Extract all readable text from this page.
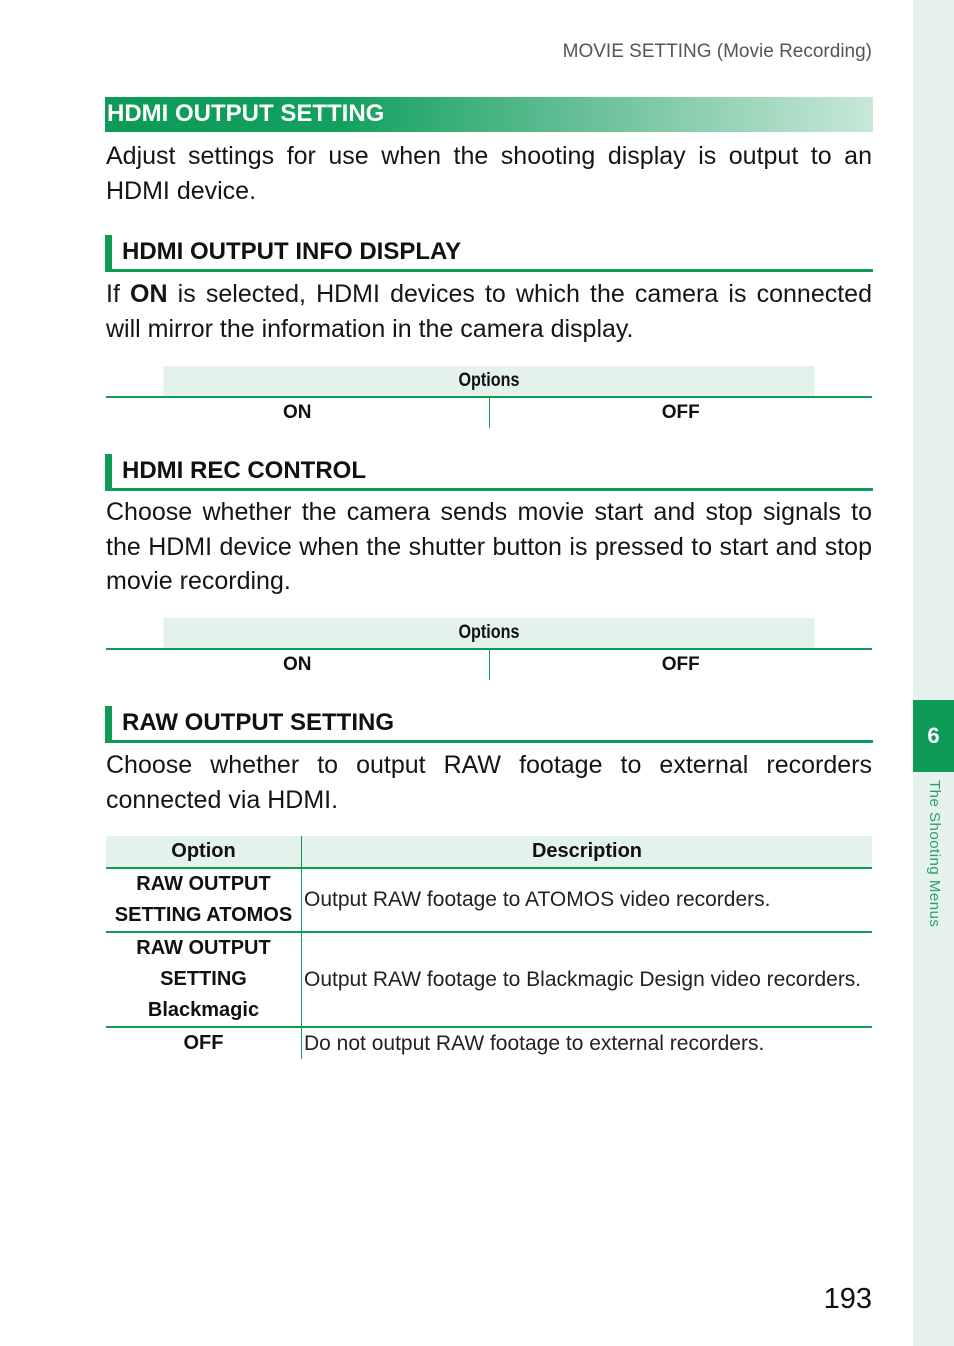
6
The Shooting Menus
MOVIE SETTING (Movie Recording)
HDMI OUTPUT SETTING
Adjust settings for use when the shooting display is output to an HDMI device.
HDMI OUTPUT INFO DISPLAY
If ON is selected, HDMI devices to which the camera is connected will mirror the information in the camera display.
Options
ON	OFF
HDMI REC CONTROL
Choose whether the camera sends movie start and stop signals to the HDMI device when the shutter button is pressed to start and stop movie recording.
Options
ON	OFF
RAW OUTPUT SETTING
Choose whether to output RAW footage to external recorders connected via HDMI.
Option	Description
RAW OUTPUT
SETTING ATOMOS	Output RAW footage to ATOMOS video recorders.
RAW OUTPUT
SETTING Blackmagic	Output RAW footage to Blackmagic Design video recorders.
OFF	Do not output RAW footage to external recorders.
193
